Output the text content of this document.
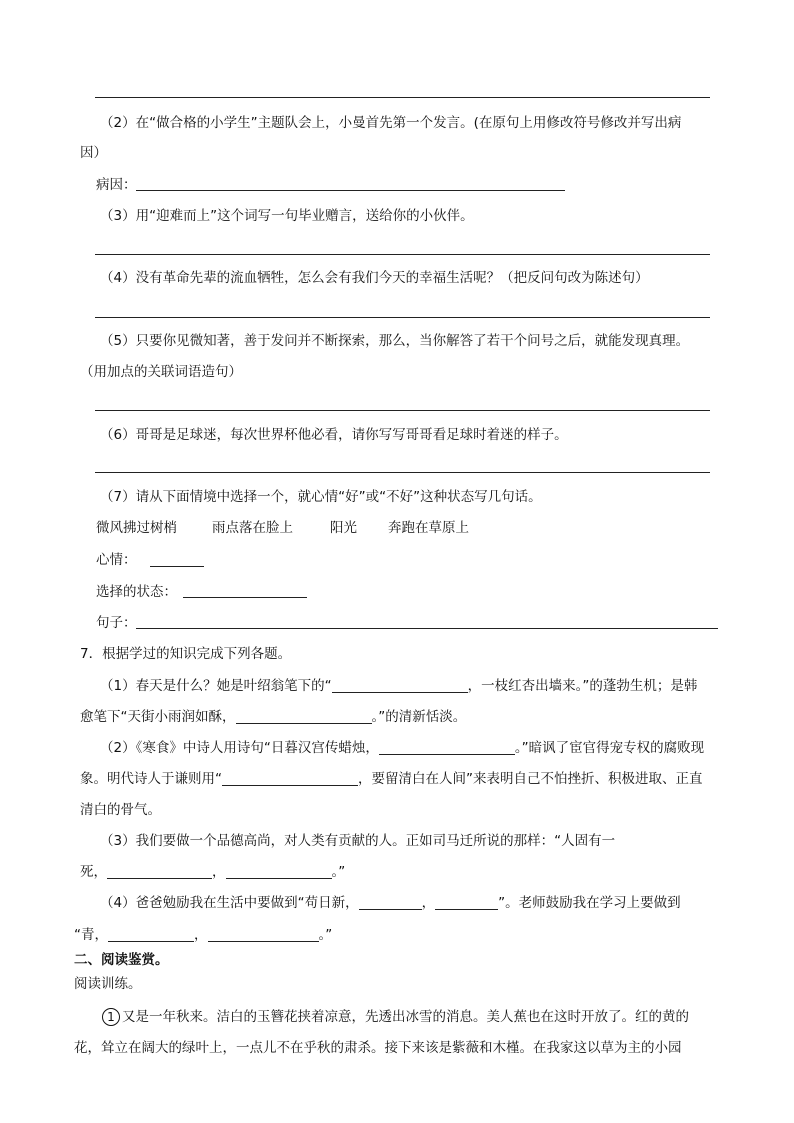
（2）在“做合格的小学生”主题队会上，小曼首先第一个发言。(在原句上用修改符号修改并写出病
因）
病因：
（3）用“迎难而上”这个词写一句毕业赠言，送给你的小伙伴。
（4）没有革命先辈的流血牺牲，怎么会有我们今天的幸福生活呢？（把反问句改为陈述句）
（5）只要你见微知著，善于发问并不断探索，那么，当你解答了若干个问号之后，就能发现真理。
（用加点的关联词语造句）
（6）哥哥是足球迷，每次世界杯他必看，请你写写哥哥看足球时着迷的样子。
（7）请从下面情境中选择一个，就心情“好”或“不好”这种状态写几句话。
微风拂过树梢	雨点落在脸上	阳光 奔跑在草原上
心情：
选择的状态：
句子：
7．根据学过的知识完成下列各题。
（1）春天是什么？她是叶绍翁笔下的“	，一枝红杏出墙来。”的蓬勃生机；是韩
愈笔下“天街小雨润如酥，	。”的清新恬淡。
（2）《寒食》中诗人用诗句“日暮汉宫传蜡烛，	。”暗讽了宦官得宠专权的腐败现
象。明代诗人于谦则用“	，要留清白在人间”来表明自己不怕挫折、积极进取、正直
清白的骨气。
（3）我们要做一个品德高尚，对人类有贡献的人。正如司马迁所说的那样：“人固有一
死，	，	。”
（4）爸爸勉励我在生活中要做到“苟日新，	，	”。老师鼓励我在学习上要做到
“青，	，	。”
二、阅读鉴赏。
阅读训练。
1 又是一年秋来。洁白的玉簪花挟着凉意，先透出冰雪的消息。美人蕉也在这时开放了。红的黄的
花，耸立在阔大的绿叶上，一点儿不在乎秋的肃杀。接下来该是紫薇和木槿。在我家这以草为主的小园
